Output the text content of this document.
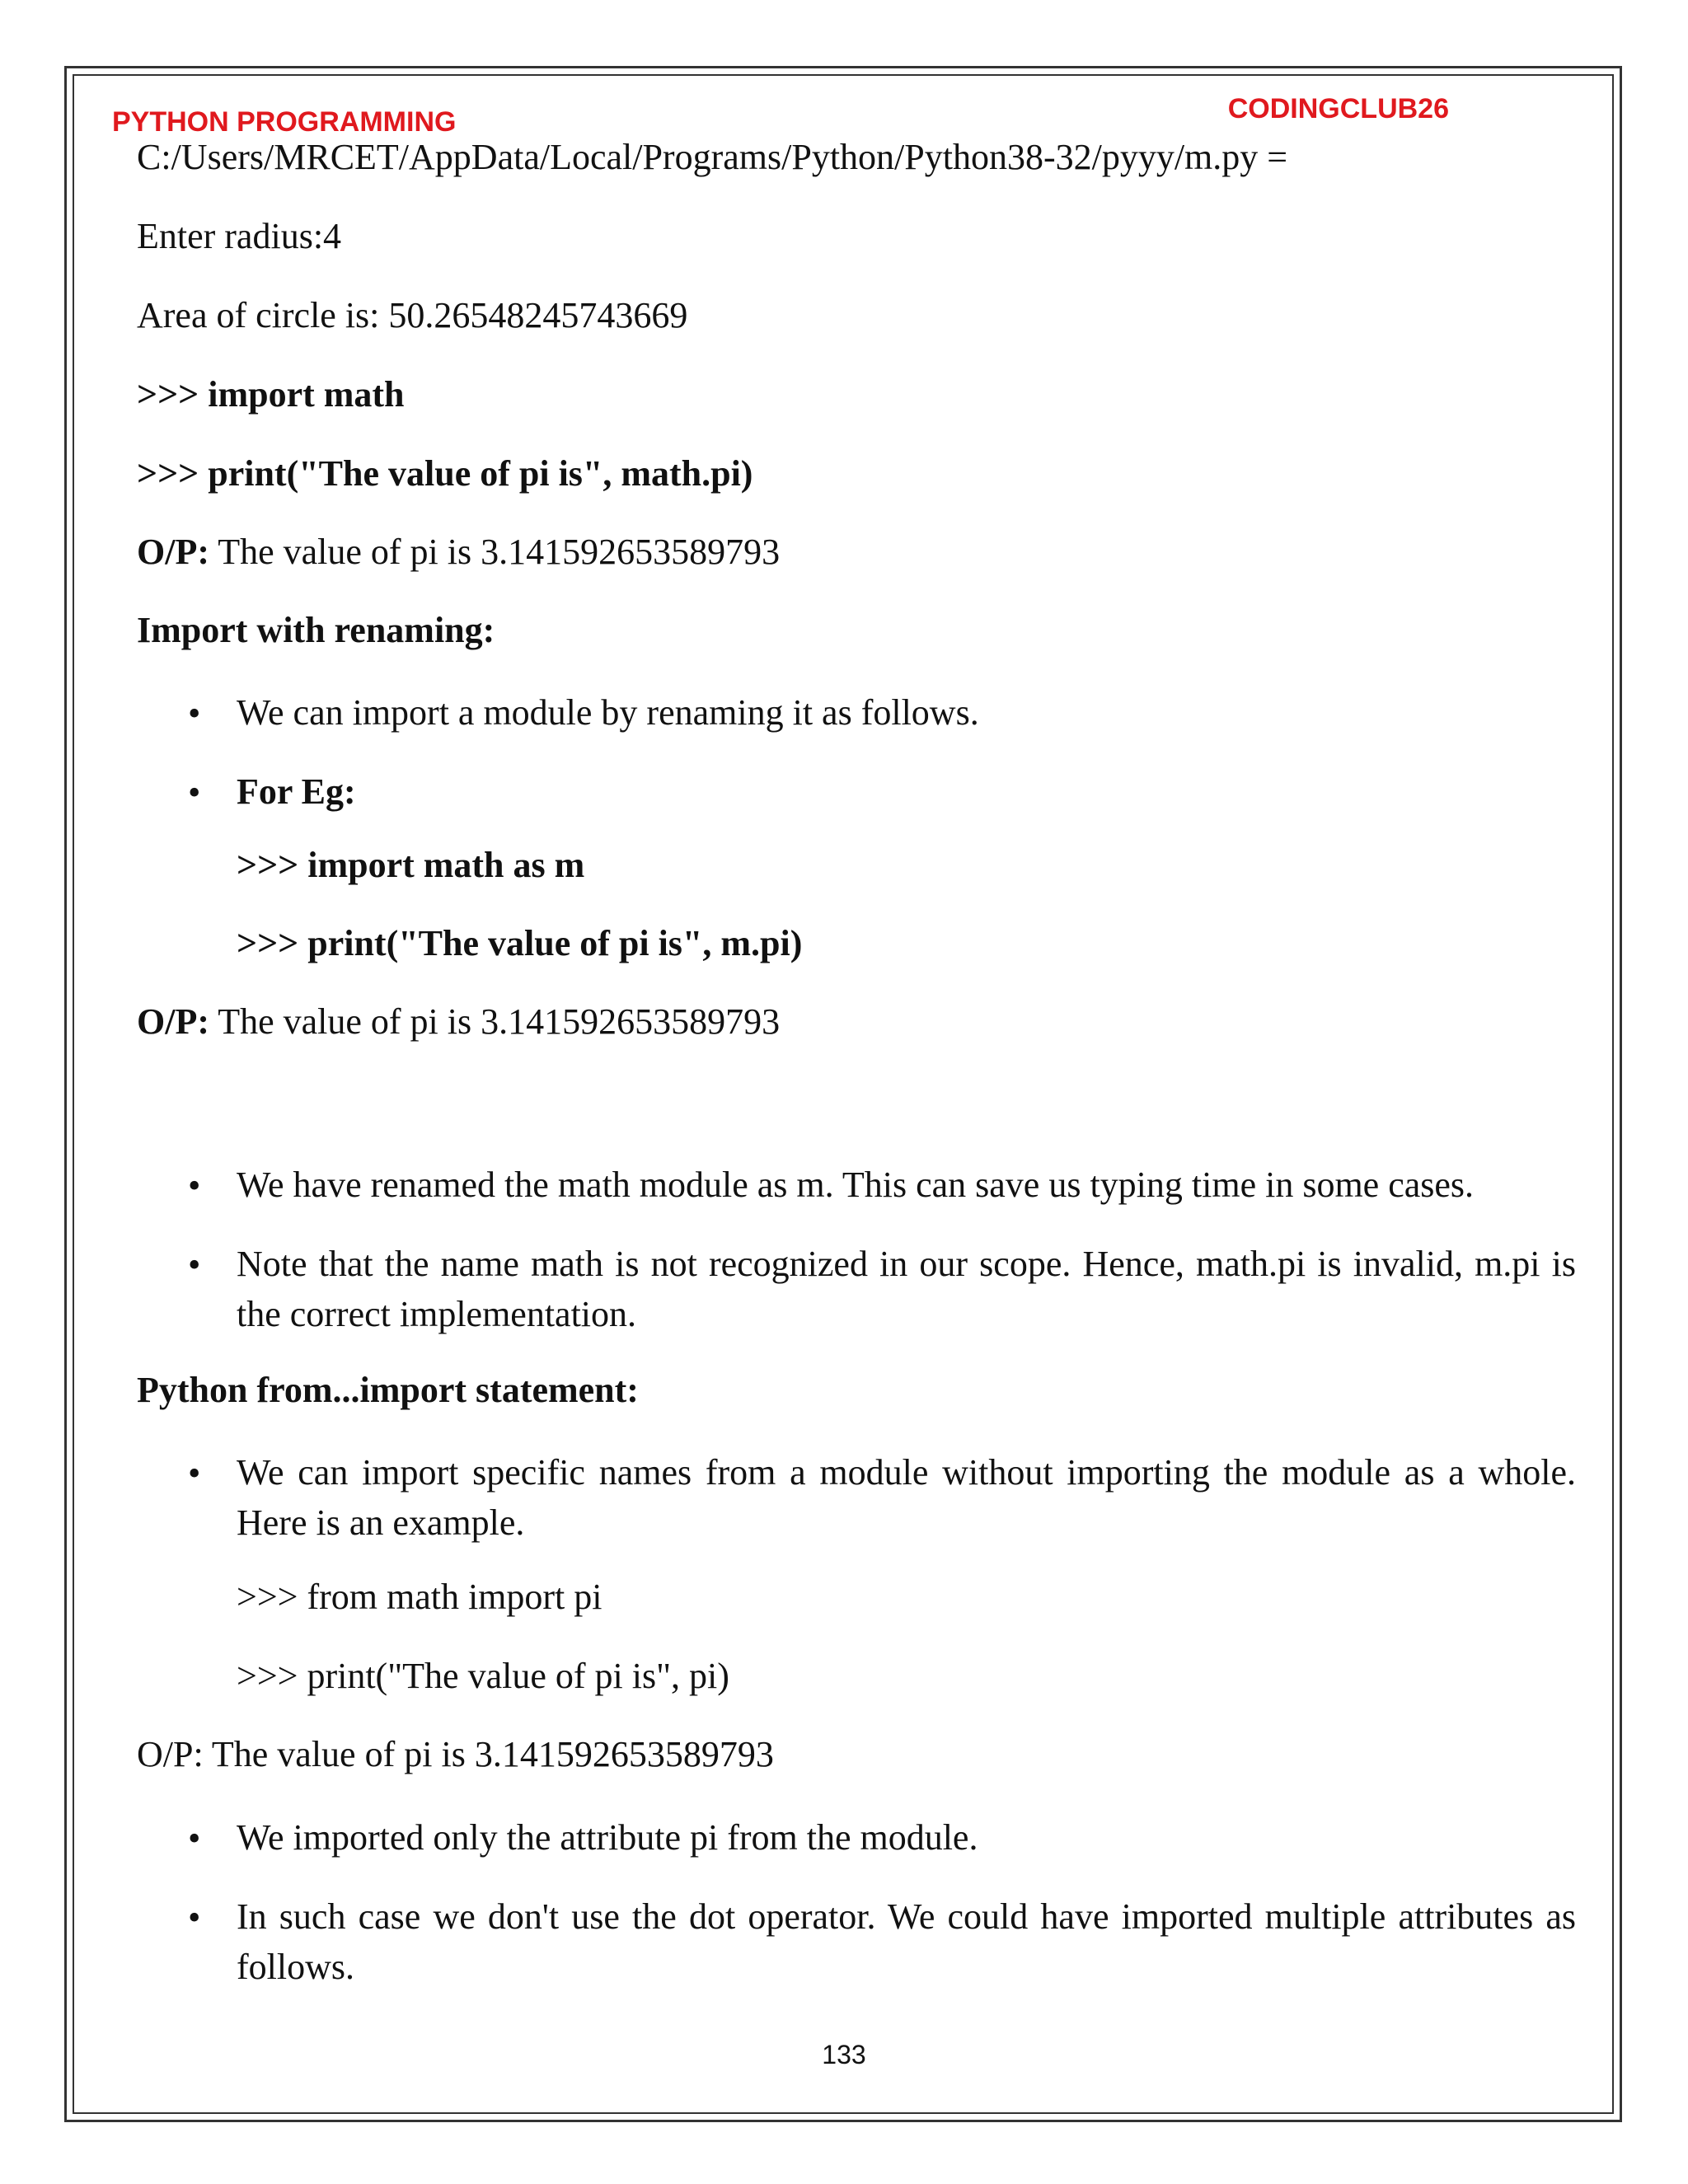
PYTHON PROGRAMMING	CODINGCLUB26
C:/Users/MRCET/AppData/Local/Programs/Python/Python38-32/pyyy/m.py =
Enter radius:4
Area of circle is: 50.26548245743669
>>> import math
>>> print("The value of pi is", math.pi)
O/P: The value of pi is 3.141592653589793
Import with renaming:
• We can import a module by renaming it as follows.
• For Eg:
>>> import math as m
>>> print("The value of pi is", m.pi)
O/P: The value of pi is 3.141592653589793
• We have renamed the math module as m. This can save us typing time in some cases.
• Note that the name math is not recognized in our scope. Hence, math.pi is invalid, m.pi is the correct implementation.
Python from...import statement:
• We can import specific names from a module without importing the module as a whole. Here is an example.
>>> from math import pi
>>> print("The value of pi is", pi)
O/P: The value of pi is 3.141592653589793
• We imported only the attribute pi from the module.
• In such case we don't use the dot operator. We could have imported multiple attributes as follows.
133
